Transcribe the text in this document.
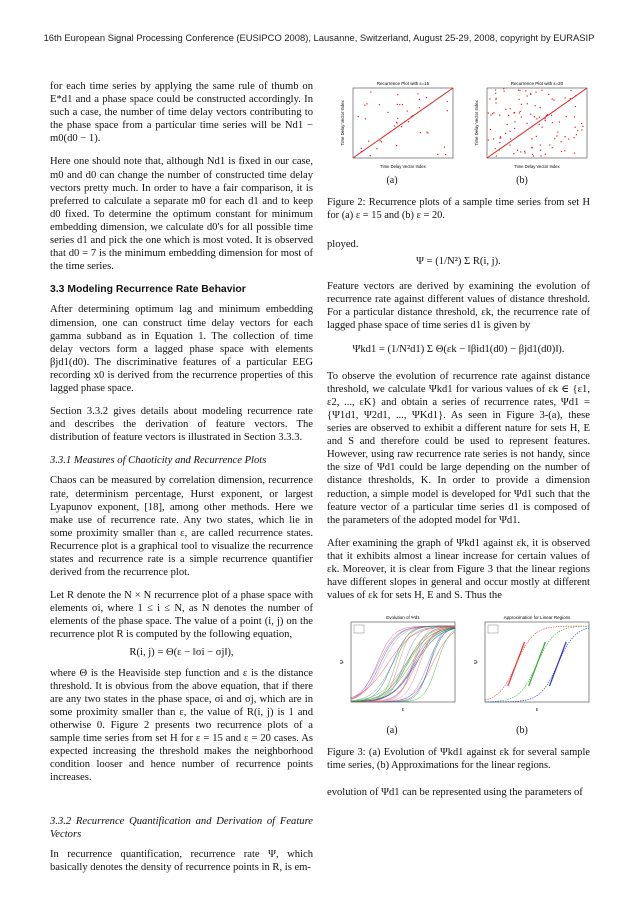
16th European Signal Processing Conference (EUSIPCO 2008), Lausanne, Switzerland, August 25-29, 2008, copyright by EURASIP

for each time series by applying the same rule of thumb on E*d1 and a phase space could be constructed accordingly. In such a case, the number of time delay vectors contributing to the phase space from a particular time series will be Nd1 − m0(d0 − 1).

Here one should note that, although Nd1 is fixed in our case, m0 and d0 can change the number of constructed time delay vectors pretty much. In order to have a fair comparison, it is preferred to calculate a separate m0 for each d1 and to keep d0 fixed. To determine the optimum constant for minimum embedding dimension, we calculate d0's for all possible time series d1 and pick the one which is most voted. It is observed that d0 = 7 is the minimum embedding dimension for most of the time series.

3.3 Modeling Recurrence Rate Behavior

After determining optimum lag and minimum embedding dimension, one can construct time delay vectors for each gamma subband as in Equation 1. The collection of time delay vectors form a lagged phase space with elements βjd1(d0). The discriminative features of a particular EEG recording x0 is derived from the recurrence properties of this lagged phase space.

Section 3.3.2 gives details about modeling recurrence rate and describes the derivation of feature vectors. The distribution of feature vectors is illustrated in Section 3.3.3.

3.3.1 Measures of Chaoticity and Recurrence Plots

Chaos can be measured by correlation dimension, recurrence rate, determinism percentage, Hurst exponent, or largest Lyapunov exponent, [18], among other methods. Here we make use of recurrence rate. Any two states, which lie in some proximity smaller than ε, are called recurrence states. Recurrence plot is a graphical tool to visualize the recurrence states and recurrence rate is a simple recurrence quantifier derived from the recurrence plot.

Let R denote the N × N recurrence plot of a phase space with elements σi, where 1 ≤ i ≤ N, as N denotes the number of elements of the phase space. The value of a point (i, j) on the recurrence plot R is computed by the following equation,

R(i, j) = Θ(ε − ‖σi − σj‖),

where Θ is the Heaviside step function and ε is the distance threshold. It is obvious from the above equation, that if there are any two states in the phase space, σi and σj, which are in some proximity smaller than ε, the value of R(i, j) is 1 and otherwise 0. Figure 2 presents two recurrence plots of a sample time series from set H for ε = 15 and ε = 20 cases. As expected increasing the threshold makes the neighborhood condition looser and hence number of recurrence points increases.

3.3.2 Recurrence Quantification and Derivation of Feature Vectors

In recurrence quantification, recurrence rate Ψ, which basically denotes the density of recurrence points in R, is em-

Recurrence Plot with ε=15
Time Delay Vector Index
Time Delay Vector Index
Recurrence Plot with ε=20
Time Delay Vector Index
Time Delay Vector Index
(a)	(b)

Figure 2: Recurrence plots of a sample time series from set H for (a) ε = 15 and (b) ε = 20.

ployed.

Ψ = (1/N²) Σ R(i, j).

Feature vectors are derived by examining the evolution of recurrence rate against different values of distance threshold. For a particular distance threshold, εk, the recurrence rate of lagged phase space of time series d1 is given by

Ψkd1 = (1/N²d1) Σ Θ(εk − ‖βid1(d0) − βjd1(d0)‖).

To observe the evolution of recurrence rate against distance threshold, we calculate Ψkd1 for various values of εk ∈ {ε1, ε2, ..., εK} and obtain a series of recurrence rates, Ψd1 = {Ψ1d1, Ψ2d1, ..., ΨKd1}. As seen in Figure 3-(a), these series are observed to exhibit a different nature for sets H, E and S and therefore could be used to represent features. However, using raw recurrence rate series is not handy, since the size of Ψd1 could be large depending on the number of distance thresholds, K. In order to provide a dimension reduction, a simple model is developed for Ψd1 such that the feature vector of a particular time series d1 is composed of the parameters of the adopted model for Ψd1.

After examining the graph of Ψkd1 against εk, it is observed that it exhibits almost a linear increase for certain values of εk. Moreover, it is clear from Figure 3 that the linear regions have different slopes in general and occur mostly at different values of εk for sets H, E and S. Thus the

Evolution of Ψd1
ε
Ψ
Approximation for Linear Regions
ε
Ψ
(a)	(b)

Figure 3: (a) Evolution of Ψkd1 against εk for several sample time series, (b) Approximations for the linear regions.

evolution of Ψd1 can be represented using the parameters of
